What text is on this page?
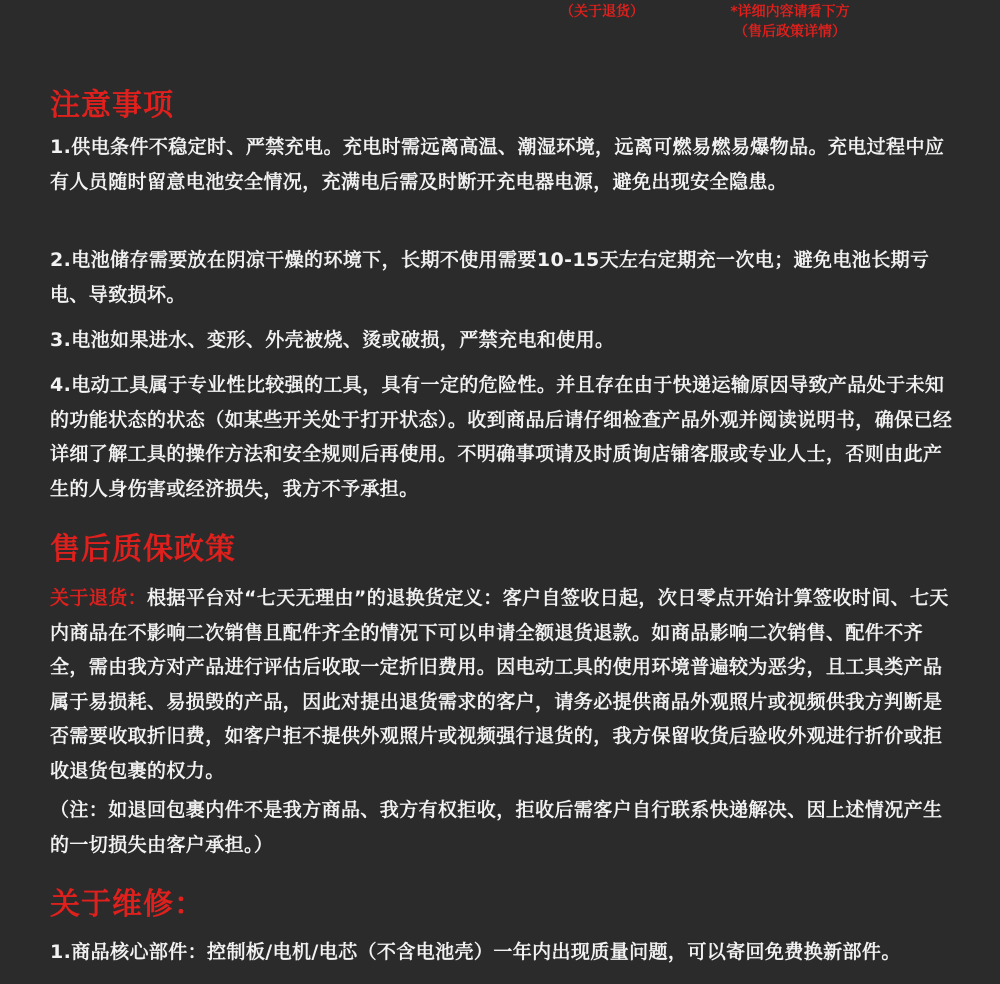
（关于退货）	*详细内容请看下方
（售后政策详情）
注意事项

1.供电条件不稳定时、严禁充电。充电时需远离高温、潮湿环境，远离可燃易燃易爆物品。充电过程中应有人员随时留意电池安全情况，充满电后需及时断开充电器电源，避免出现安全隐患。

2.电池储存需要放在阴凉干燥的环境下，长期不使用需要10-15天左右定期充一次电；避免电池长期亏电、导致损坏。

3.电池如果进水、变形、外壳被烧、烫或破损，严禁充电和使用。

4.电动工具属于专业性比较强的工具，具有一定的危险性。并且存在由于快递运输原因导致产品处于未知的功能状态的状态（如某些开关处于打开状态）。收到商品后请仔细检查产品外观并阅读说明书，确保已经详细了解工具的操作方法和安全规则后再使用。不明确事项请及时质询店铺客服或专业人士，否则由此产生的人身伤害或经济损失，我方不予承担。

售后质保政策

关于退货：根据平台对“七天无理由”的退换货定义：客户自签收日起，次日零点开始计算签收时间、七天内商品在不影响二次销售且配件齐全的情况下可以申请全额退货退款。如商品影响二次销售、配件不齐全，需由我方对产品进行评估后收取一定折旧费用。因电动工具的使用环境普遍较为恶劣，且工具类产品属于易损耗、易损毁的产品，因此对提出退货需求的客户，请务必提供商品外观照片或视频供我方判断是否需要收取折旧费，如客户拒不提供外观照片或视频强行退货的，我方保留收货后验收外观进行折价或拒收退货包裹的权力。

（注：如退回包裹内件不是我方商品、我方有权拒收，拒收后需客户自行联系快递解决、因上述情况产生的一切损失由客户承担。）

关于维修：

1.商品核心部件：控制板/电机/电芯（不含电池壳）一年内出现质量问题，可以寄回免费换新部件。
